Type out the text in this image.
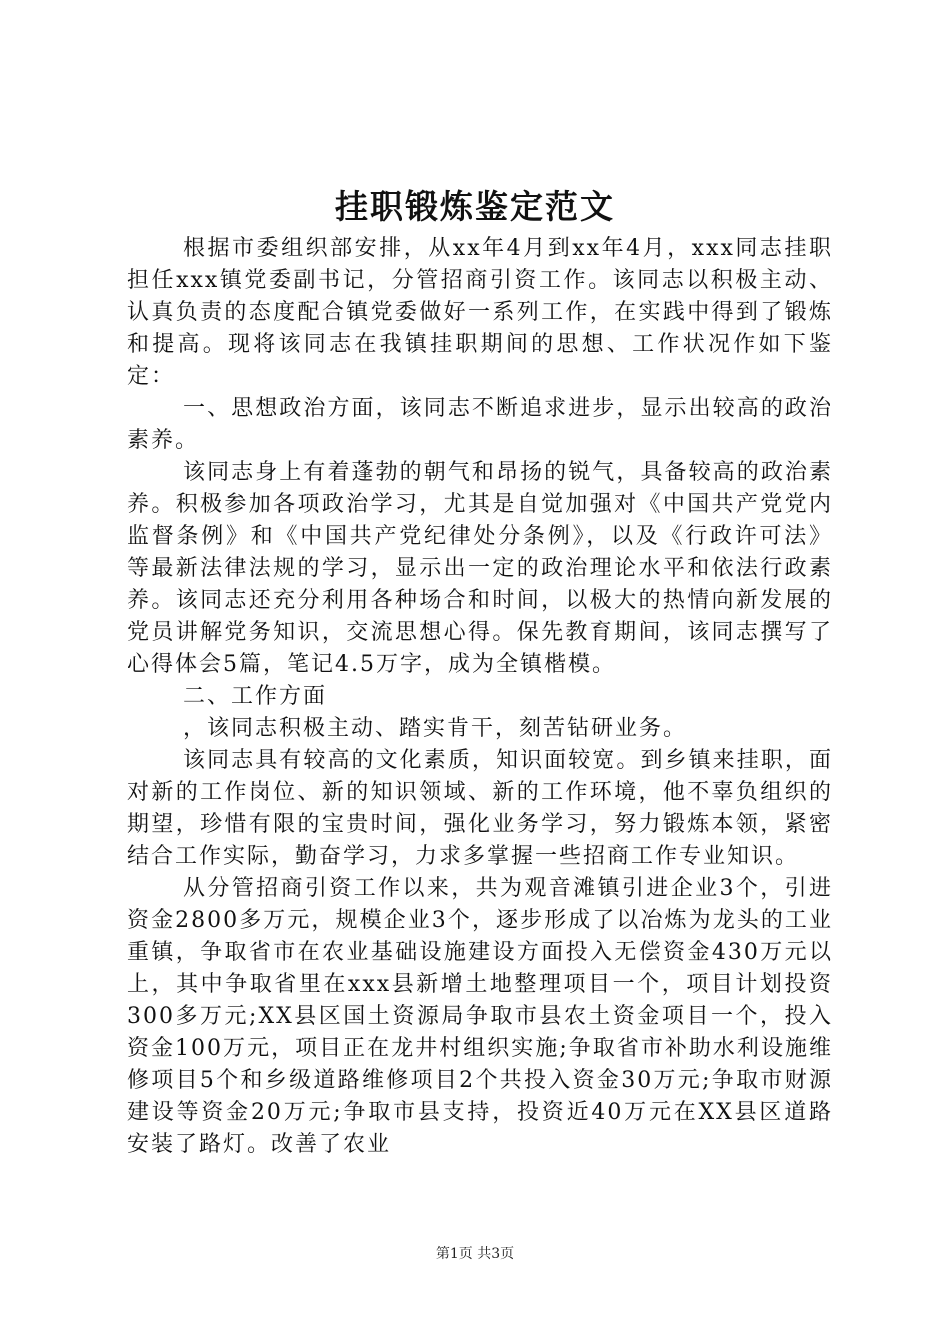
挂职锻炼鉴定范文

根据市委组织部安排，从xx年4月到xx年4月，xxx同志挂职担任xxx镇党委副书记，分管招商引资工作。该同志以积极主动、认真负责的态度配合镇党委做好一系列工作，在实践中得到了锻炼和提高。现将该同志在我镇挂职期间的思想、工作状况作如下鉴定：

一、思想政治方面，该同志不断追求进步，显示出较高的政治素养。

该同志身上有着蓬勃的朝气和昂扬的锐气，具备较高的政治素养。积极参加各项政治学习，尤其是自觉加强对《中国共产党党内监督条例》和《中国共产党纪律处分条例》，以及《行政许可法》等最新法律法规的学习，显示出一定的政治理论水平和依法行政素养。该同志还充分利用各种场合和时间，以极大的热情向新发展的党员讲解党务知识，交流思想心得。保先教育期间，该同志撰写了心得体会5篇，笔记4.5万字，成为全镇楷模。

二、工作方面

，该同志积极主动、踏实肯干，刻苦钻研业务。

该同志具有较高的文化素质，知识面较宽。到乡镇来挂职，面对新的工作岗位、新的知识领域、新的工作环境，他不辜负组织的期望，珍惜有限的宝贵时间，强化业务学习，努力锻炼本领，紧密结合工作实际，勤奋学习，力求多掌握一些招商工作专业知识。

从分管招商引资工作以来，共为观音滩镇引进企业3个，引进资金2800多万元，规模企业3个，逐步形成了以冶炼为龙头的工业重镇，争取省市在农业基础设施建设方面投入无偿资金430万元以上，其中争取省里在xxx县新增土地整理项目一个，项目计划投资300多万元;XX县区国土资源局争取市县农土资金项目一个，投入资金100万元，项目正在龙井村组织实施;争取省市补助水利设施维修项目5个和乡级道路维修项目2个共投入资金30万元;争取市财源建设等资金20万元;争取市县支持，投资近40万元在XX县区道路安装了路灯。改善了农业

第1页 共3页
